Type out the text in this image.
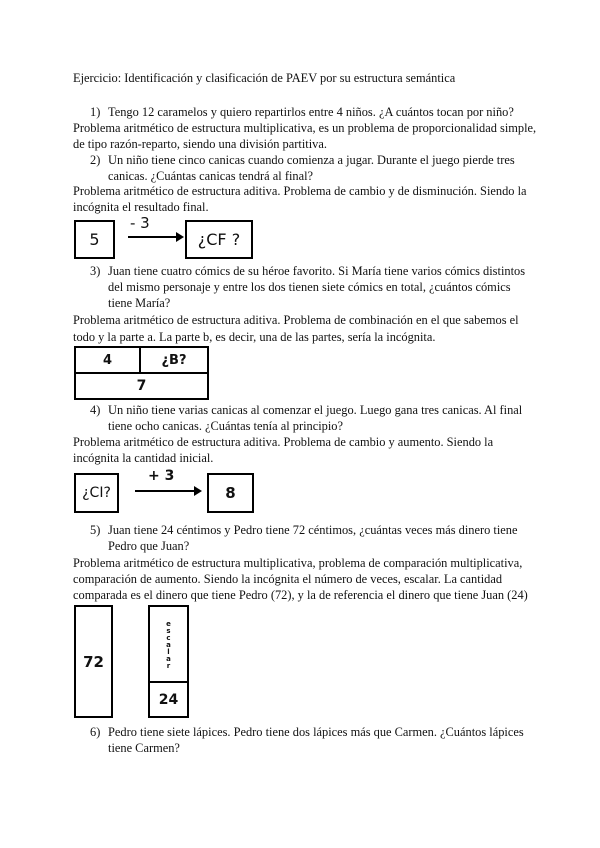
Ejercicio: Identificación y clasificación de PAEV por su estructura semántica
1) Tengo 12 caramelos y quiero repartirlos entre 4 niños. ¿A cuántos tocan por niño?
Problema aritmético de estructura multiplicativa, es un problema de proporcionalidad simple,
de tipo razón-reparto, siendo una división partitiva.
2) Un niño tiene cinco canicas cuando comienza a jugar. Durante el juego pierde tres
canicas. ¿Cuántas canicas tendrá al final?
Problema aritmético de estructura aditiva. Problema de cambio y de disminución. Siendo la
incógnita el resultado final.
5
- 3
¿CF ?
3) Juan tiene cuatro cómics de su héroe favorito. Si María tiene varios cómics distintos
del mismo personaje y entre los dos tienen siete cómics en total, ¿cuántos cómics
tiene María?
Problema aritmético de estructura aditiva. Problema de combinación en el que sabemos el
todo y la parte a. La parte b, es decir, una de las partes, sería la incógnita.
4	¿B?
7
4) Un niño tiene varias canicas al comenzar el juego. Luego gana tres canicas. Al final
tiene ocho canicas. ¿Cuántas tenía al principio?
Problema aritmético de estructura aditiva. Problema de cambio y aumento. Siendo la
incógnita la cantidad inicial.
¿CI?
+ 3
8
5) Juan tiene 24 céntimos y Pedro tiene 72 céntimos, ¿cuántas veces más dinero tiene
Pedro que Juan?
Problema aritmético de estructura multiplicativa, problema de comparación multiplicativa,
comparación de aumento. Siendo la incógnita el número de veces, escalar. La cantidad
comparada es el dinero que tiene Pedro (72), y la de referencia el dinero que tiene Juan (24)
72	escalar
24
6) Pedro tiene siete lápices. Pedro tiene dos lápices más que Carmen. ¿Cuántos lápices
tiene Carmen?
